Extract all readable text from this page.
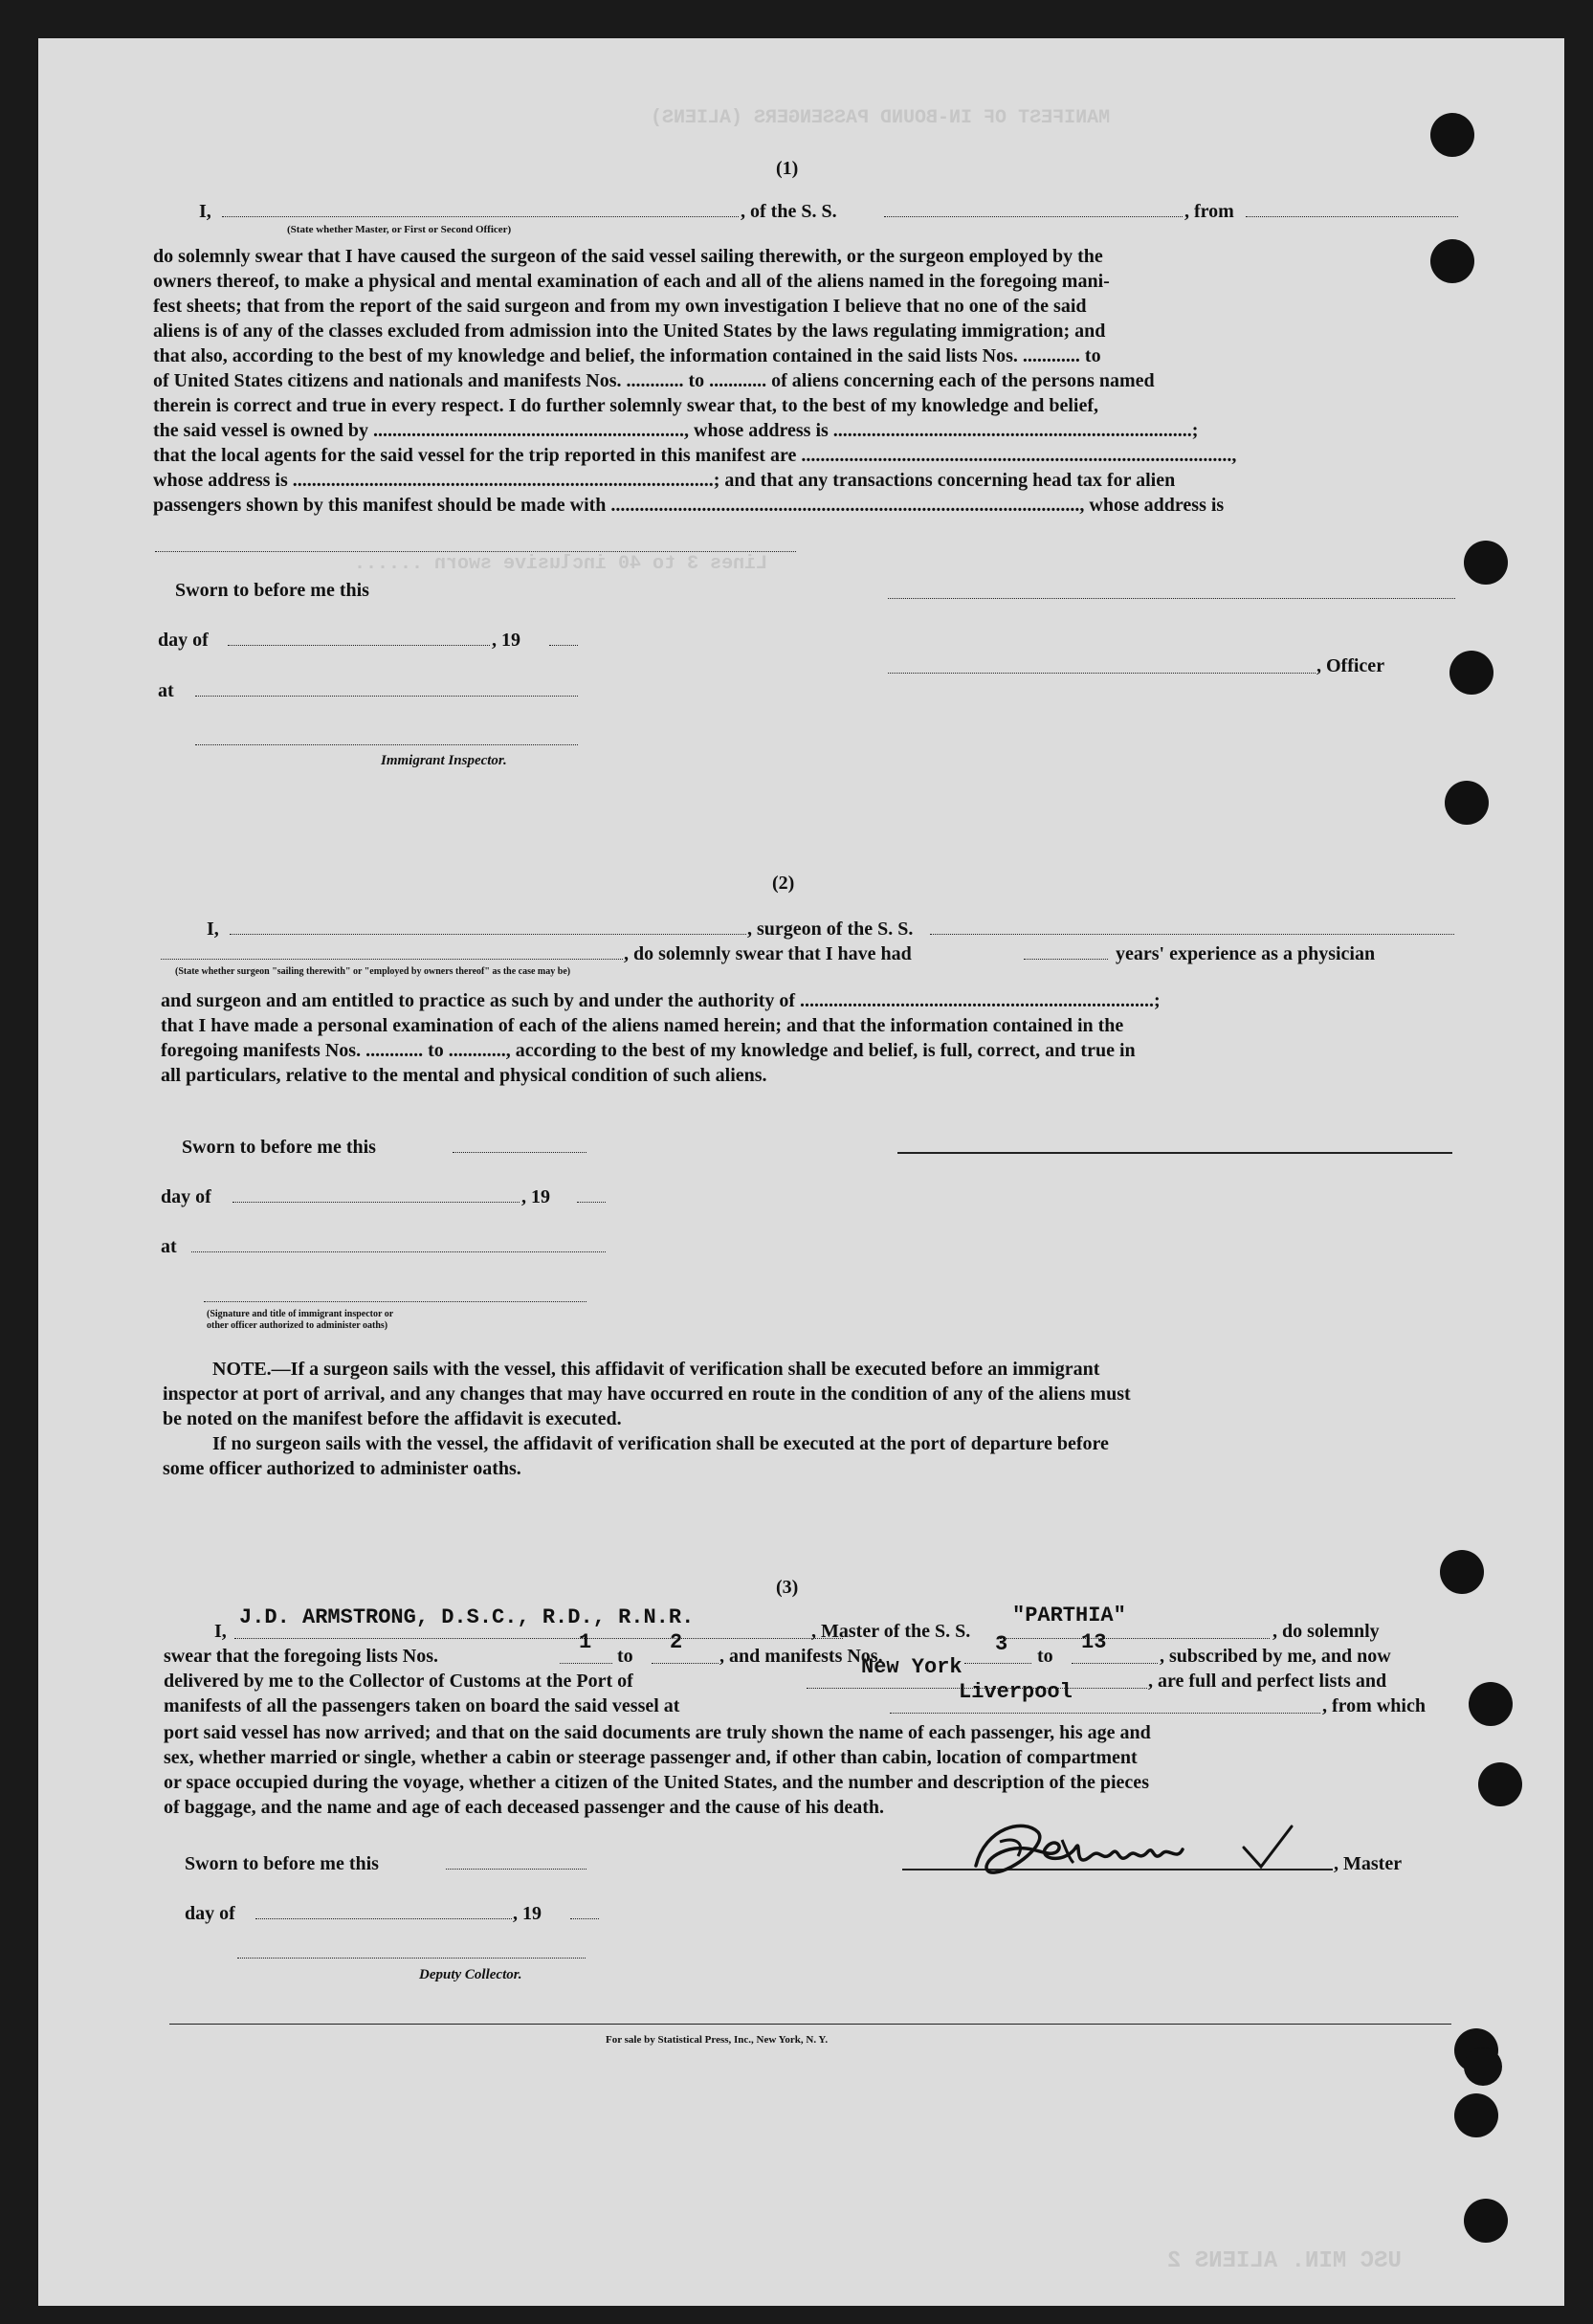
MANIFEST OF IN-BOUND PASSENGERS (ALIENS)
Lines 3 to 40 inclusive sworn ......
USC MIN. ALIENS 2
(1)
I,
(State whether Master, or First or Second Officer)
, of the S. S.	, from
do solemnly swear that I have caused the surgeon of the said vessel sailing therewith, or the surgeon employed by the
owners thereof, to make a physical and mental examination of each and all of the aliens named in the foregoing mani-
fest sheets; that from the report of the said surgeon and from my own investigation I believe that no one of the said
aliens is of any of the classes excluded from admission into the United States by the laws regulating immigration; and
that also, according to the best of my knowledge and belief, the information contained in the said lists Nos. ............ to
of United States citizens and nationals and manifests Nos. ............ to ............ of aliens concerning each of the persons named
therein is correct and true in every respect. I do further solemnly swear that, to the best of my knowledge and belief,
the said vessel is owned by ................................................................., whose address is ...........................................................................;
that the local agents for the said vessel for the trip reported in this manifest are ..........................................................................................,
whose address is ........................................................................................; and that any transactions concerning head tax for alien
passengers shown by this manifest should be made with .................................................................................................., whose address is
Sworn to before me this
day of	, 19
, Officer
at
Immigrant Inspector.
(2)
I,	, surgeon of the S. S.
, do solemnly swear that I have had	years' experience as a physician
(State whether surgeon "sailing therewith" or "employed by owners thereof" as the case may be)
and surgeon and am entitled to practice as such by and under the authority of ..........................................................................;
that I have made a personal examination of each of the aliens named herein; and that the information contained in the
foregoing manifests Nos. ............ to ............, according to the best of my knowledge and belief, is full, correct, and true in
all particulars, relative to the mental and physical condition of such aliens.
Sworn to before me this
day of	, 19
at
(Signature and title of immigrant inspector or
other officer authorized to administer oaths)
NOTE.—If a surgeon sails with the vessel, this affidavit of verification shall be executed before an immigrant
inspector at port of arrival, and any changes that may have occurred en route in the condition of any of the aliens must
be noted on the manifest before the affidavit is executed.
If no surgeon sails with the vessel, the affidavit of verification shall be executed at the port of departure before
some officer authorized to administer oaths.
(3)
I,
J.D. ARMSTRONG, D.S.C., R.D., R.N.R.
, Master of the S. S.
"PARTHIA"
, do solemnly
swear that the foregoing lists Nos.
1
to
2
, and manifests Nos.	3 to
13
, subscribed by me, and now
delivered by me to the Collector of Customs at the Port of
New York
, are full and perfect lists and
manifests of all the passengers taken on board the said vessel at
Liverpool
, from which
port said vessel has now arrived; and that on the said documents are truly shown the name of each passenger, his age and
sex, whether married or single, whether a cabin or steerage passenger and, if other than cabin, location of compartment
or space occupied during the voyage, whether a citizen of the United States, and the number and description of the pieces
of baggage, and the name and age of each deceased passenger and the cause of his death.
Sworn to before me this	, Master
day of	, 19
Deputy Collector.
For sale by Statistical Press, Inc., New York, N. Y.
